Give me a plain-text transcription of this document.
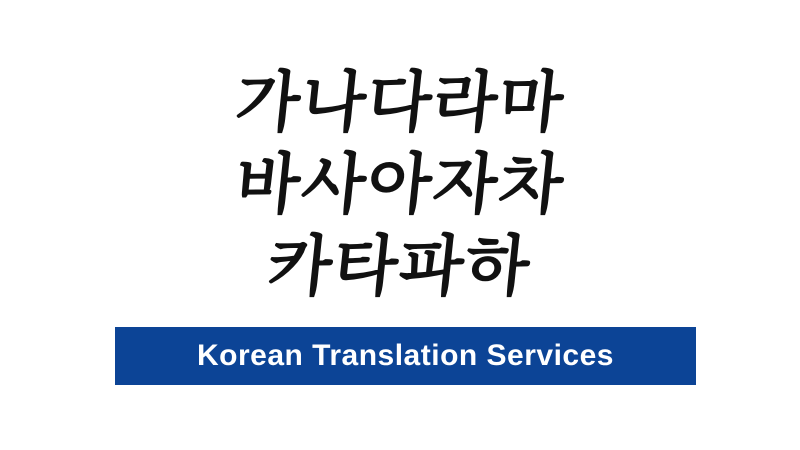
가나다라마
바사아자차
카타파하
Korean Translation Services
